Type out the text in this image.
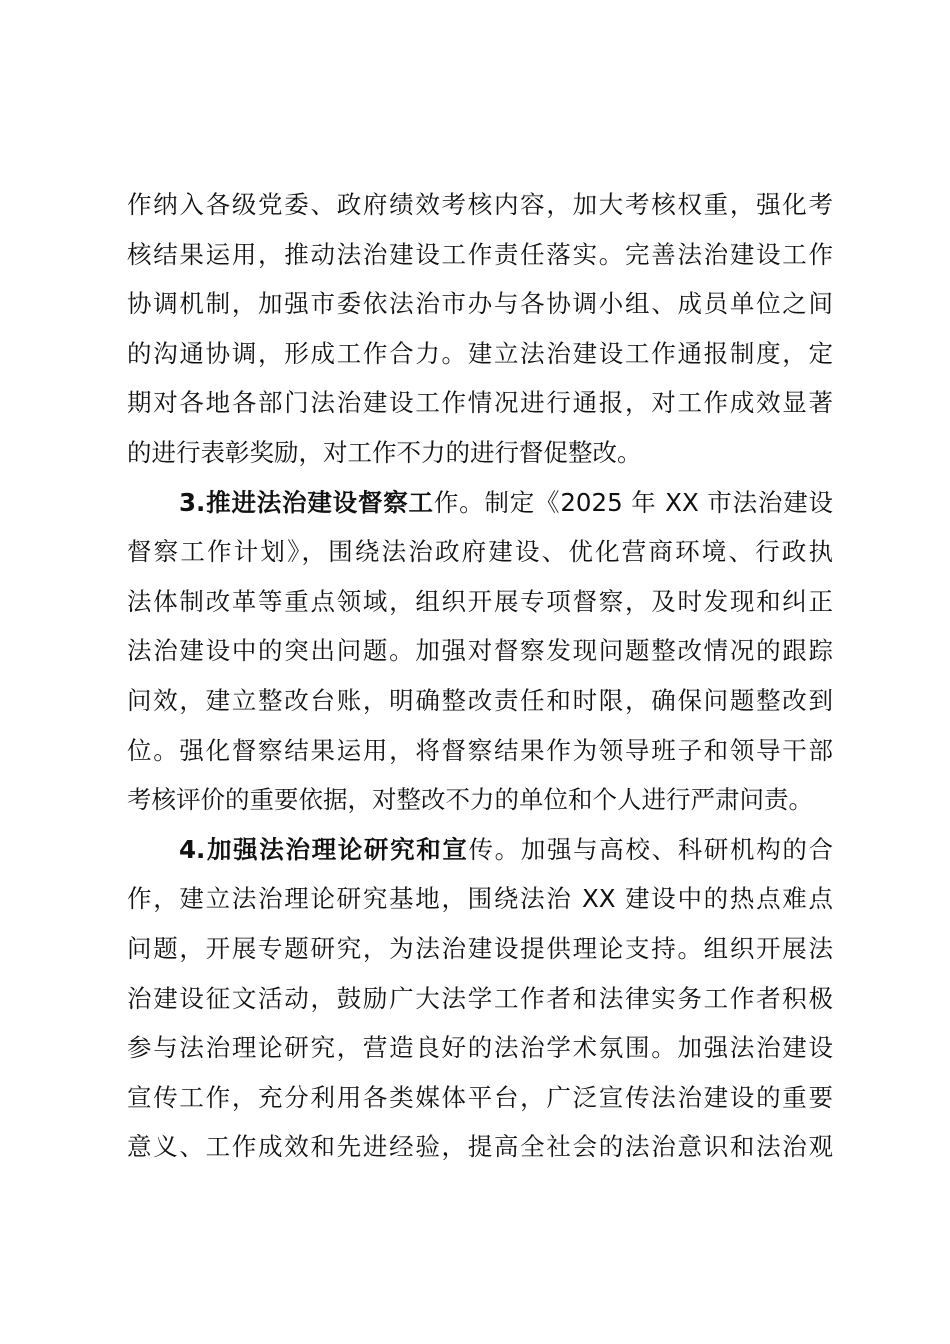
作纳入各级党委、政府绩效考核内容，加大考核权重，强化考
核结果运用，推动法治建设工作责任落实。完善法治建设工作
协调机制，加强市委依法治市办与各协调小组、成员单位之间
的沟通协调，形成工作合力。建立法治建设工作通报制度，定
期对各地各部门法治建设工作情况进行通报，对工作成效显著
的进行表彰奖励，对工作不力的进行督促整改。
3.推进法治建设督察工作。制定《2025 年 XX 市法治建设
督察工作计划》，围绕法治政府建设、优化营商环境、行政执
法体制改革等重点领域，组织开展专项督察，及时发现和纠正
法治建设中的突出问题。加强对督察发现问题整改情况的跟踪
问效，建立整改台账，明确整改责任和时限，确保问题整改到
位。强化督察结果运用，将督察结果作为领导班子和领导干部
考核评价的重要依据，对整改不力的单位和个人进行严肃问责。
4.加强法治理论研究和宣传。加强与高校、科研机构的合
作，建立法治理论研究基地，围绕法治 XX 建设中的热点难点
问题，开展专题研究，为法治建设提供理论支持。组织开展法
治建设征文活动，鼓励广大法学工作者和法律实务工作者积极
参与法治理论研究，营造良好的法治学术氛围。加强法治建设
宣传工作，充分利用各类媒体平台，广泛宣传法治建设的重要
意义、工作成效和先进经验，提高全社会的法治意识和法治观
